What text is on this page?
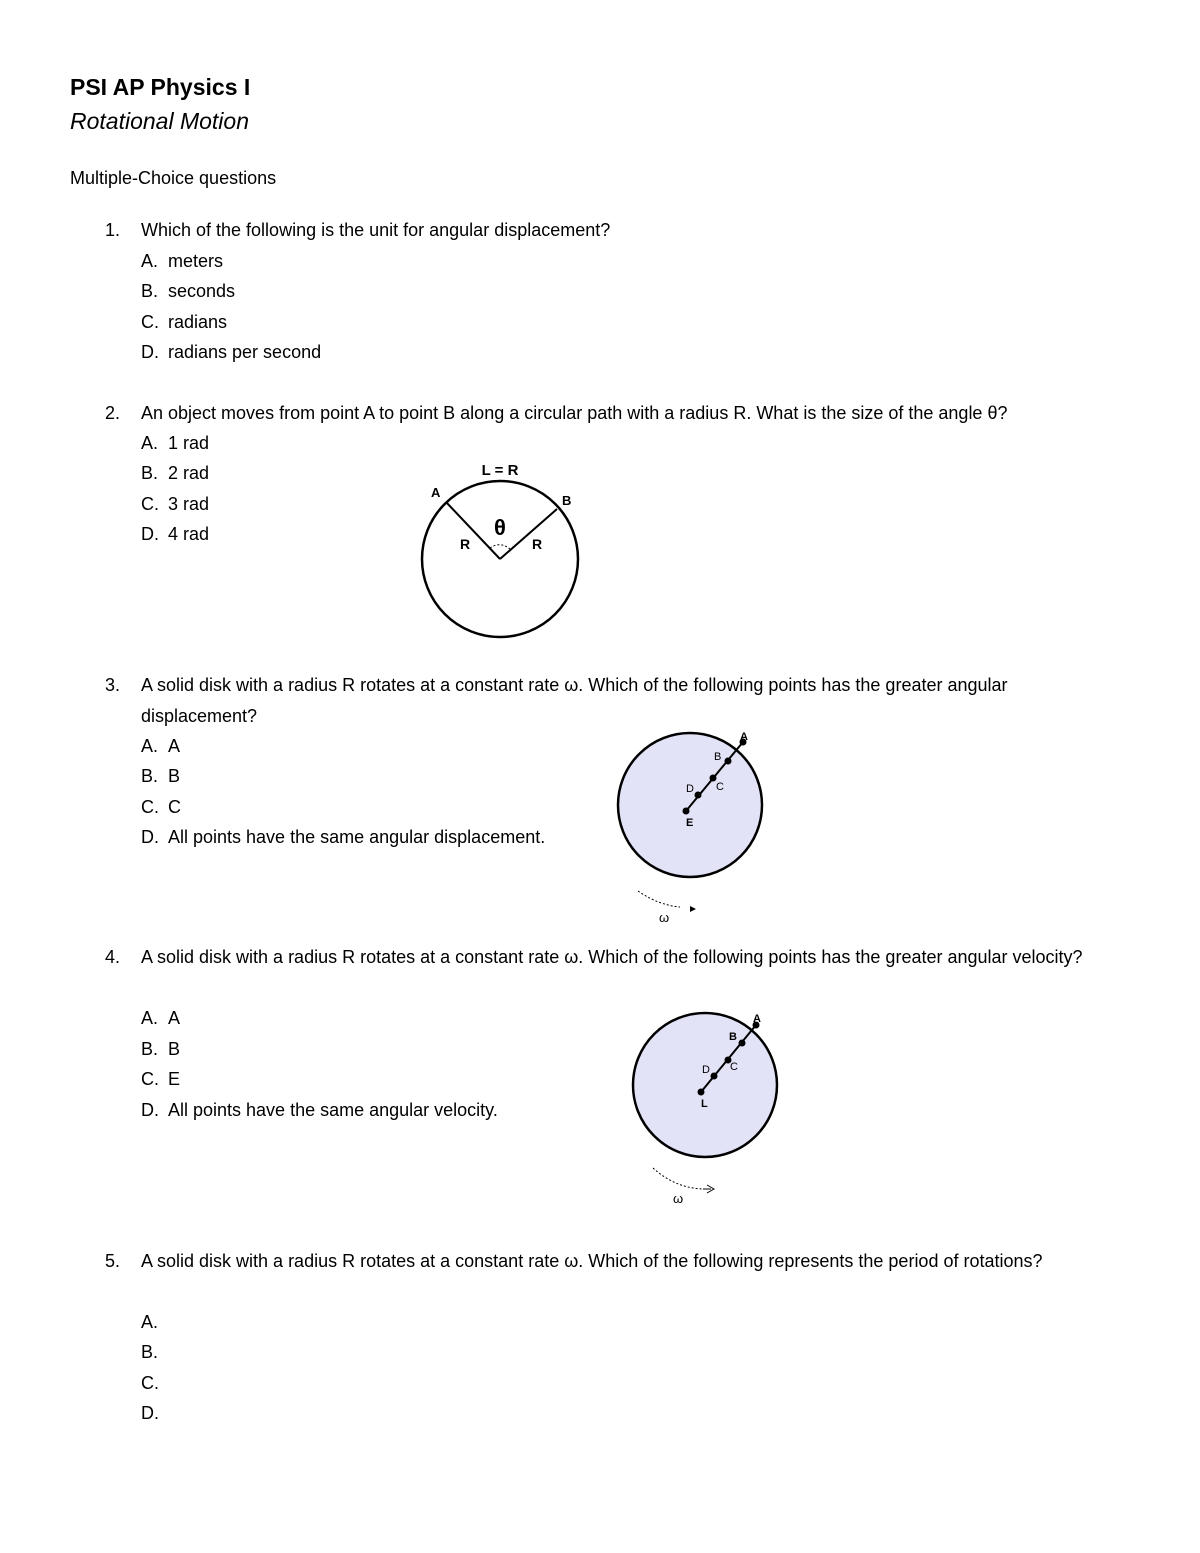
PSI AP Physics I
Rotational Motion
Multiple-Choice questions
1. Which of the following is the unit for angular displacement?
A. meters
B. seconds
C. radians
D. radians per second
2. An object moves from point A to point B along a circular path with a radius R. What is the size of the angle θ?
A. 1 rad
B. 2 rad
C. 3 rad
D. 4 rad
L = R
A
B
R	R
θ
3. A solid disk with a radius R rotates at a constant rate ω. Which of the following points has the greater angular displacement?
A. A
B. B
C. C
D. All points have the same angular displacement.
A
B
C
D
E
ω
4. A solid disk with a radius R rotates at a constant rate ω. Which of the following points has the greater angular velocity?
A. A
B. B
C. E
D. All points have the same angular velocity.
A
B
C
D
L
ω
5. A solid disk with a radius R rotates at a constant rate ω. Which of the following represents the period of rotations?
A.
B.
C.
D.
